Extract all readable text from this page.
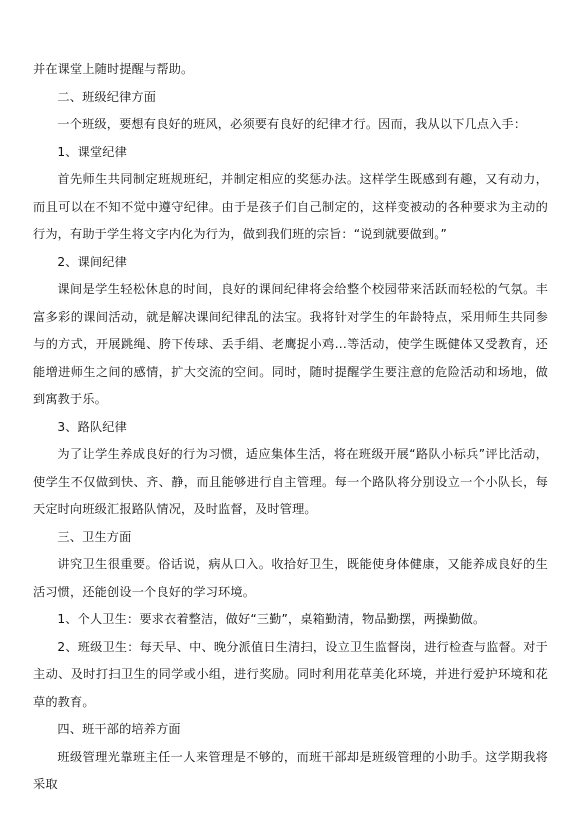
并在课堂上随时提醒与帮助。

二、班级纪律方面

一个班级，要想有良好的班风，必须要有良好的纪律才行。因而，我从以下几点入手：

1、课堂纪律

首先师生共同制定班规班纪，并制定相应的奖惩办法。这样学生既感到有趣，又有动力，而且可以在不知不觉中遵守纪律。由于是孩子们自己制定的，这样变被动的各种要求为主动的行为，有助于学生将文字内化为行为，做到我们班的宗旨：“说到就要做到。”

2、课间纪律

课间是学生轻松休息的时间，良好的课间纪律将会给整个校园带来活跃而轻松的气氛。丰富多彩的课间活动，就是解决课间纪律乱的法宝。我将针对学生的年龄特点，采用师生共同参与的方式，开展跳绳、胯下传球、丢手绢、老鹰捉小鸡…等活动，使学生既健体又受教育，还能增进师生之间的感情，扩大交流的空间。同时，随时提醒学生要注意的危险活动和场地，做到寓教于乐。

3、路队纪律

为了让学生养成良好的行为习惯，适应集体生活，将在班级开展“路队小标兵”评比活动，使学生不仅做到快、齐、静，而且能够进行自主管理。每一个路队将分别设立一个小队长，每天定时向班级汇报路队情况，及时监督，及时管理。

三、卫生方面

讲究卫生很重要。俗话说，病从口入。收拾好卫生，既能使身体健康，又能养成良好的生活习惯，还能创设一个良好的学习环境。

1、个人卫生：要求衣着整洁，做好“三勤”，桌箱勤清，物品勤摆，两操勤做。

2、班级卫生：每天早、中、晚分派值日生清扫，设立卫生监督岗，进行检查与监督。对于主动、及时打扫卫生的同学或小组，进行奖励。同时利用花草美化环境，并进行爱护环境和花草的教育。

四、班干部的培养方面

班级管理光靠班主任一人来管理是不够的，而班干部却是班级管理的小助手。这学期我将采取
